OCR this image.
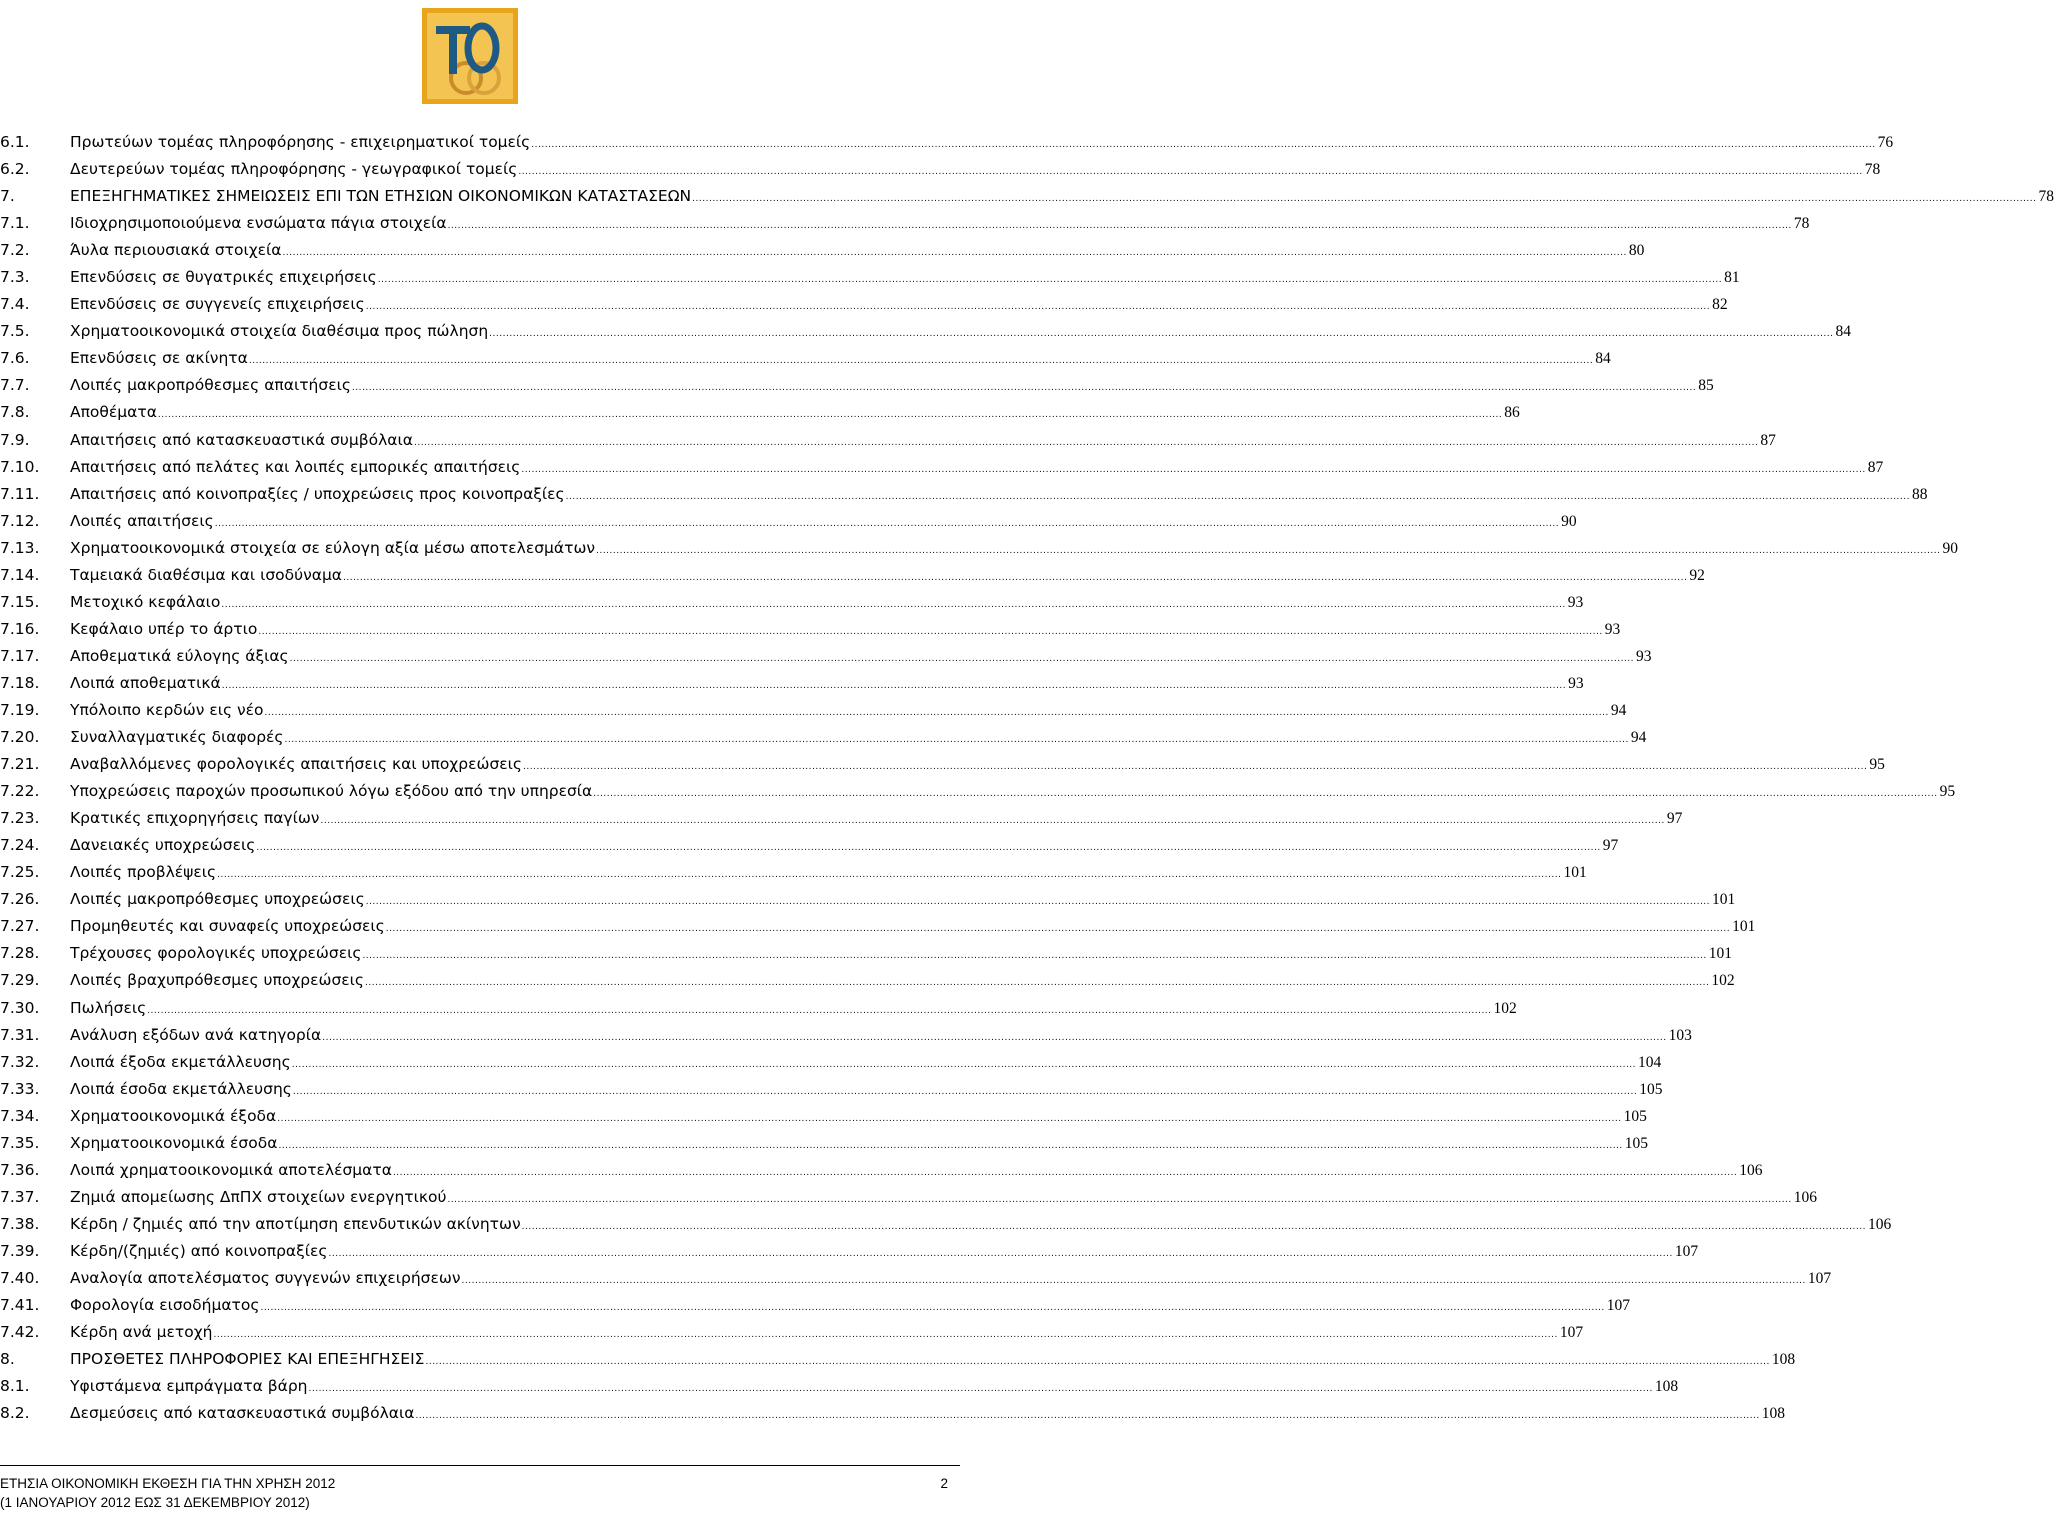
6.1.	Πρωτεύων τομέας πληροφόρησης - επιχειρηματικοί τομείς ................................................................................................................................................................................................................................................................................................................................................................................................................ 76
6.2.	Δευτερεύων τομέας πληροφόρησης - γεωγραφικοί τομείς ................................................................................................................................................................................................................................................................................................................................................................................................................ 78
7.	ΕΠΕΞΗΓΗΜΑΤΙΚΕΣ ΣΗΜΕΙΩΣΕΙΣ ΕΠΙ ΤΩΝ ΕΤΗΣΙΩΝ ΟΙΚΟΝΟΜΙΚΩΝ ΚΑΤΑΣΤΑΣΕΩΝ ................................................................................................................................................................................................................................................................................................................................................................................................................ 78
7.1.	Ιδιοχρησιμοποιούμενα ενσώματα πάγια στοιχεία ................................................................................................................................................................................................................................................................................................................................................................................................................ 78
7.2.	Άυλα περιουσιακά στοιχεία ................................................................................................................................................................................................................................................................................................................................................................................................................ 80
7.3.	Επενδύσεις σε θυγατρικές επιχειρήσεις ................................................................................................................................................................................................................................................................................................................................................................................................................ 81
7.4.	Επενδύσεις σε συγγενείς επιχειρήσεις ................................................................................................................................................................................................................................................................................................................................................................................................................ 82
7.5.	Χρηματοοικονομικά στοιχεία διαθέσιμα προς πώληση ................................................................................................................................................................................................................................................................................................................................................................................................................ 84
7.6.	Επενδύσεις σε ακίνητα ................................................................................................................................................................................................................................................................................................................................................................................................................ 84
7.7.	Λοιπές μακροπρόθεσμες απαιτήσεις ................................................................................................................................................................................................................................................................................................................................................................................................................ 85
7.8.	Αποθέματα ................................................................................................................................................................................................................................................................................................................................................................................................................ 86
7.9.	Απαιτήσεις από κατασκευαστικά συμβόλαια ................................................................................................................................................................................................................................................................................................................................................................................................................ 87
7.10. Απαιτήσεις από πελάτες και λοιπές εμπορικές απαιτήσεις ................................................................................................................................................................................................................................................................................................................................................................................................................ 87
7.11. Απαιτήσεις από κοινοπραξίες / υποχρεώσεις προς κοινοπραξίες ................................................................................................................................................................................................................................................................................................................................................................................................................ 88
7.12. Λοιπές απαιτήσεις ................................................................................................................................................................................................................................................................................................................................................................................................................ 90
7.13. Χρηματοοικονομικά στοιχεία σε εύλογη αξία μέσω αποτελεσμάτων ................................................................................................................................................................................................................................................................................................................................................................................................................ 90
7.14. Ταμειακά διαθέσιμα και ισοδύναμα ................................................................................................................................................................................................................................................................................................................................................................................................................ 92
7.15. Μετοχικό κεφάλαιο ................................................................................................................................................................................................................................................................................................................................................................................................................ 93
7.16. Κεφάλαιο υπέρ το άρτιο ................................................................................................................................................................................................................................................................................................................................................................................................................ 93
7.17. Αποθεματικά εύλογης άξιας ................................................................................................................................................................................................................................................................................................................................................................................................................ 93
7.18. Λοιπά αποθεματικά ................................................................................................................................................................................................................................................................................................................................................................................................................ 93
7.19. Υπόλοιπο κερδών εις νέο ................................................................................................................................................................................................................................................................................................................................................................................................................ 94
7.20. Συναλλαγματικές διαφορές ................................................................................................................................................................................................................................................................................................................................................................................................................ 94
7.21. Αναβαλλόμενες φορολογικές απαιτήσεις και υποχρεώσεις ................................................................................................................................................................................................................................................................................................................................................................................................................ 95
7.22. Υποχρεώσεις παροχών προσωπικού λόγω εξόδου από την υπηρεσία ................................................................................................................................................................................................................................................................................................................................................................................................................ 95
7.23. Κρατικές επιχορηγήσεις παγίων ................................................................................................................................................................................................................................................................................................................................................................................................................ 97
7.24. Δανειακές υποχρεώσεις ................................................................................................................................................................................................................................................................................................................................................................................................................ 97
7.25. Λοιπές προβλέψεις ................................................................................................................................................................................................................................................................................................................................................................................................................ 101
7.26. Λοιπές μακροπρόθεσμες υποχρεώσεις ................................................................................................................................................................................................................................................................................................................................................................................................................ 101
7.27. Προμηθευτές και συναφείς υποχρεώσεις ................................................................................................................................................................................................................................................................................................................................................................................................................ 101
7.28. Τρέχουσες φορολογικές υποχρεώσεις ................................................................................................................................................................................................................................................................................................................................................................................................................ 101
7.29. Λοιπές βραχυπρόθεσμες υποχρεώσεις ................................................................................................................................................................................................................................................................................................................................................................................................................ 102
7.30. Πωλήσεις ................................................................................................................................................................................................................................................................................................................................................................................................................ 102
7.31. Ανάλυση εξόδων ανά κατηγορία ................................................................................................................................................................................................................................................................................................................................................................................................................ 103
7.32. Λοιπά έξοδα εκμετάλλευσης ................................................................................................................................................................................................................................................................................................................................................................................................................ 104
7.33. Λοιπά έσοδα εκμετάλλευσης ................................................................................................................................................................................................................................................................................................................................................................................................................ 105
7.34. Χρηματοοικονομικά έξοδα ................................................................................................................................................................................................................................................................................................................................................................................................................ 105
7.35. Χρηματοοικονομικά έσοδα ................................................................................................................................................................................................................................................................................................................................................................................................................ 105
7.36. Λοιπά χρηματοοικονομικά αποτελέσματα ................................................................................................................................................................................................................................................................................................................................................................................................................ 106
7.37. Ζημιά απομείωσης ΔπΠΧ στοιχείων ενεργητικού ................................................................................................................................................................................................................................................................................................................................................................................................................ 106
7.38. Κέρδη / ζημιές από την αποτίμηση επενδυτικών ακίνητων ................................................................................................................................................................................................................................................................................................................................................................................................................ 106
7.39. Κέρδη/(ζημιές) από κοινοπραξίες ................................................................................................................................................................................................................................................................................................................................................................................................................ 107
7.40. Αναλογία αποτελέσματος συγγενών επιχειρήσεων ................................................................................................................................................................................................................................................................................................................................................................................................................ 107
7.41. Φορολογία εισοδήματος ................................................................................................................................................................................................................................................................................................................................................................................................................ 107
7.42. Κέρδη ανά μετοχή ................................................................................................................................................................................................................................................................................................................................................................................................................ 107
8.	ΠΡΟΣΘΕΤΕΣ ΠΛΗΡΟΦΟΡΙΕΣ ΚΑΙ ΕΠΕΞΗΓΗΣΕΙΣ ................................................................................................................................................................................................................................................................................................................................................................................................................ 108
8.1.	Υφιστάμενα εμπράγματα βάρη ................................................................................................................................................................................................................................................................................................................................................................................................................ 108
8.2.	Δεσμεύσεις από κατασκευαστικά συμβόλαια ................................................................................................................................................................................................................................................................................................................................................................................................................ 108
ΕΤΗΣΙΑ ΟΙΚΟΝΟΜΙΚΗ ΕΚΘΕΣΗ ΓΙΑ ΤΗΝ ΧΡΗΣΗ 2012	2
(1 ΙΑΝΟΥΑΡΙΟΥ 2012 ΕΩΣ 31 ΔΕΚΕΜΒΡΙΟΥ 2012)
